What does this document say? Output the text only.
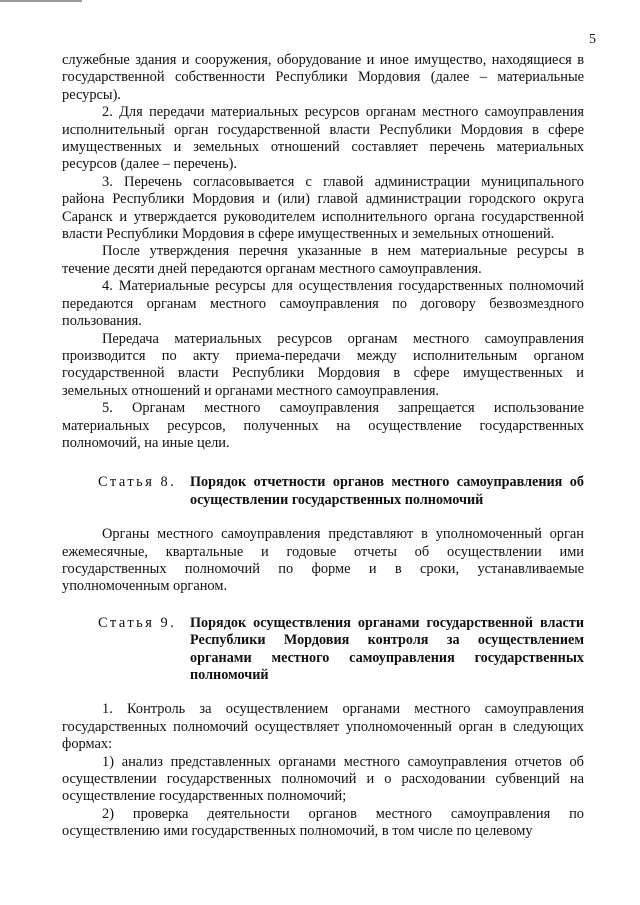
5

служебные здания и сооружения, оборудование и иное имущество, находящиеся в государственной собственности Республики Мордовия (далее – материальные ресурсы).

2. Для передачи материальных ресурсов органам местного самоуправления исполнительный орган государственной власти Республики Мордовия в сфере имущественных и земельных отношений составляет перечень материальных ресурсов (далее – перечень).

3. Перечень согласовывается с главой администрации муниципального района Республики Мордовия и (или) главой администрации городского округа Саранск и утверждается руководителем исполнительного органа государственной власти Республики Мордовия в сфере имущественных и земельных отношений.

После утверждения перечня указанные в нем материальные ресурсы в течение десяти дней передаются органам местного самоуправления.

4. Материальные ресурсы для осуществления государственных полномочий передаются органам местного самоуправления по договору безвозмездного пользования.

Передача материальных ресурсов органам местного самоуправления производится по акту приема-передачи между исполнительным органом государственной власти Республики Мордовия в сфере имущественных и земельных отношений и органами местного самоуправления.

5. Органам местного самоуправления запрещается использование материальных ресурсов, полученных на осуществление государственных полномочий, на иные цели.

Статья 8. Порядок отчетности органов местного самоуправления об осуществлении государственных полномочий

Органы местного самоуправления представляют в уполномоченный орган ежемесячные, квартальные и годовые отчеты об осуществлении ими государственных полномочий по форме и в сроки, устанавливаемые уполномоченным органом.

Статья 9. Порядок осуществления органами государственной власти Республики Мордовия контроля за осуществлением органами местного самоуправления государственных полномочий

1. Контроль за осуществлением органами местного самоуправления государственных полномочий осуществляет уполномоченный орган в следующих формах:

1) анализ представленных органами местного самоуправления отчетов об осуществлении государственных полномочий и о расходовании субвенций на осуществление государственных полномочий;

2) проверка деятельности органов местного самоуправления по осуществлению ими государственных полномочий, в том числе по целевому
